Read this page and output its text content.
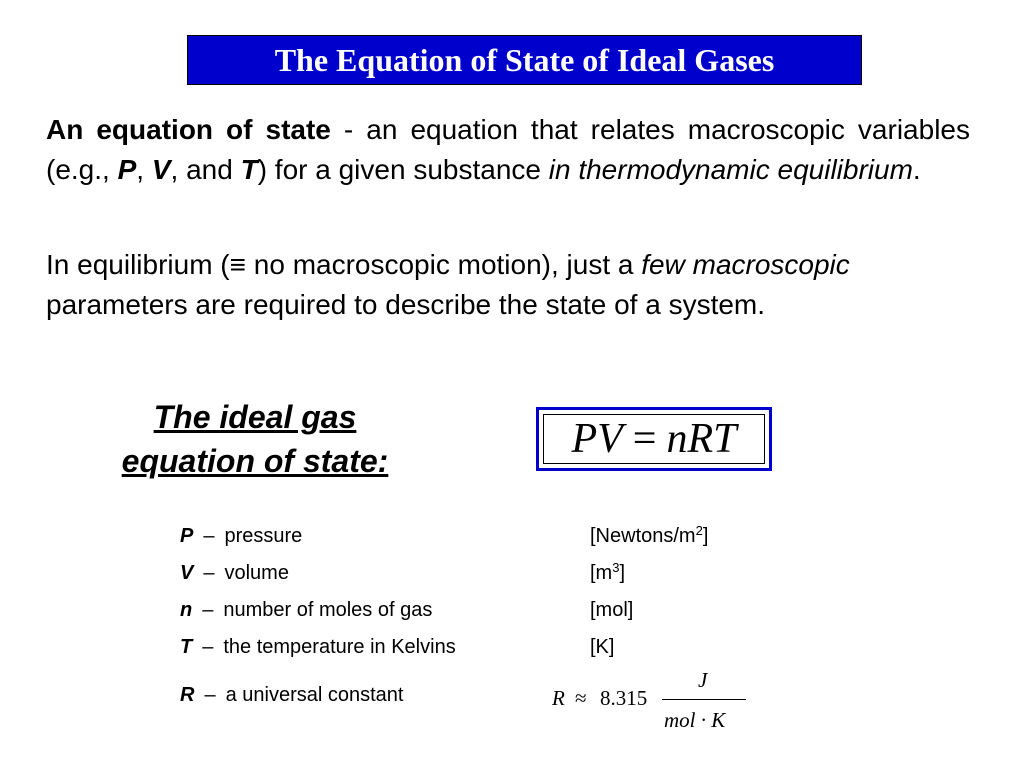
The Equation of State of Ideal Gases
An equation of state - an equation that relates macroscopic variables (e.g., P, V, and T) for a given substance in thermodynamic equilibrium.
In equilibrium (≡ no macroscopic motion), just a few macroscopic parameters are required to describe the state of a system.
The ideal gas
equation of state:	PV = nRT
P – pressure	$[Newtons/m^2]$
V – volume	$[m^3]$
n – number of moles of gas	[mol]
T – the temperature in Kelvins	[K]
R – a universal constant	R ≈ 8.315
J
mol · K
